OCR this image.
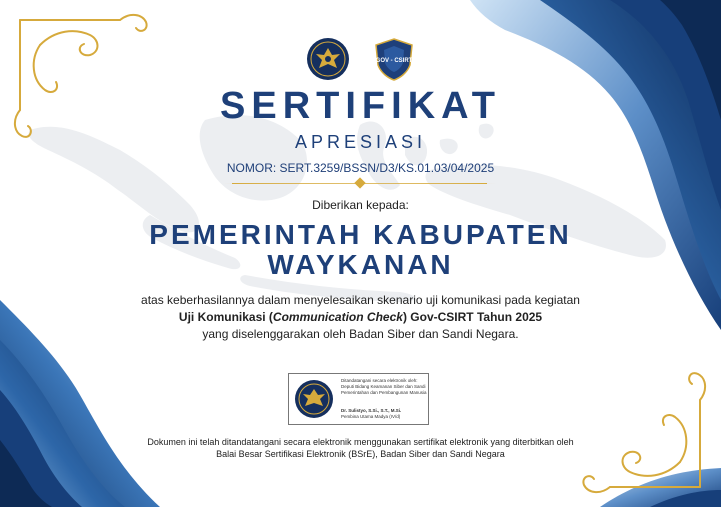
GOV - CSIRT
SERTIFIKAT
APRESIASI
NOMOR: SERT.3259/BSSN/D3/KS.01.03/04/2025
Diberikan kepada:
PEMERINTAH KABUPATEN
WAYKANAN
atas keberhasilannya dalam menyelesaikan skenario uji komunikasi pada kegiatan
Uji Komunikasi (Communication Check) Gov-CSIRT Tahun 2025
yang diselenggarakan oleh Badan Siber dan Sandi Negara.
Ditandatangani secara elektronik oleh:
Deputi Bidang Keamanan Siber dan Sandi
Pemerintahan dan Pembangunan Manusia
Dr. Sulistyo, S.Si., S.T., M.Si.
Pembina Utama Madya (IV/d)
Dokumen ini telah ditandatangani secara elektronik menggunakan sertifikat elektronik yang diterbitkan oleh
Balai Besar Sertifikasi Elektronik (BSrE), Badan Siber dan Sandi Negara
